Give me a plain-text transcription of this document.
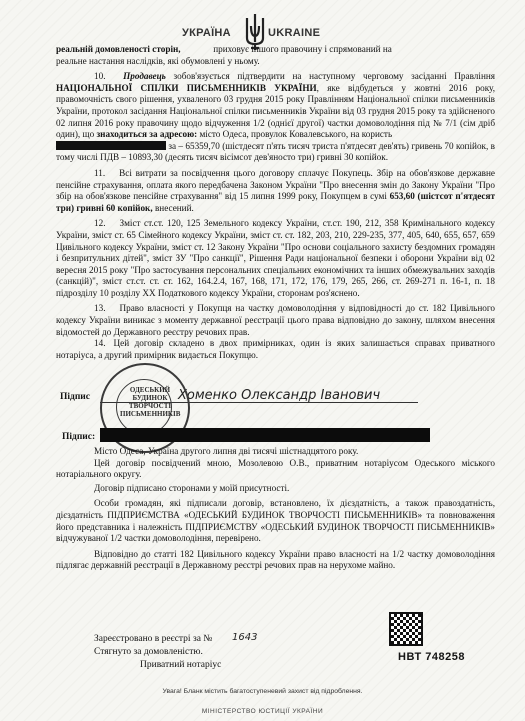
УКРАЇНА	UKRAINE

реальній домовленості сторін,	приховує іншого правочину і спрямований на

реальне настання наслідків, які обумовлені у ньому.

10. Продавець зобов'язується підтвердити на наступному черговому засіданні Правління НАЦІОНАЛЬНОЇ СПІЛКИ ПИСЬМЕННИКІВ УКРАЇНИ, яке відбудеться у жовтні 2016 року, правомочність свого рішення, ухваленого 03 грудня 2015 року Правлінням Національної спілки письменників України, протокол засідання Національної спілки письменників України від 03 грудня 2015 року та здійсненого 02 липня 2016 року правочину щодо відчуження 1/2 (однієї другої) частки домоволодіння під № 7/1 (сім дріб один), що знаходиться за адресою: місто Одеса, провулок Ковалевського, на користь
за – 65359,70 (шістдесят п'ять тисяч триста п'ятдесят дев'ять) гривень 70 копійок, в тому числі ПДВ – 10893,30 (десять тисяч вісімсот дев'яносто три) гривні 30 копійок.

11. Всі витрати за посвідчення цього договору сплачує Покупець. Збір на обов'язкове державне пенсійне страхування, оплата якого передбачена Законом України "Про внесення змін до Закону України "Про збір на обов'язкове пенсійне страхування" від 15 липня 1999 року, Покупцем в сумі 653,60 (шістсот п'ятдесят три) гривні 60 копійок, внесений.

12. Зміст ст.ст. 120, 125 Земельного кодексу України, ст.ст. 190, 212, 358 Кримінального кодексу України, зміст ст. 65 Сімейного кодексу України, зміст ст. ст. 182, 203, 210, 229-235, 377, 405, 640, 655, 657, 659 Цивільного кодексу України, зміст ст. 12 Закону України "Про основи соціального захисту бездомних громадян і безпритульних дітей", зміст ЗУ "Про санкції", Рішення Ради національної безпеки і оборони України від 02 вересня 2015 року "Про застосування персональних спеціальних економічних та інших обмежувальних заходів (санкцій)", зміст ст.ст. ст. ст. 162, 164.2.4, 167, 168, 171, 172, 176, 179, 265, 266, ст. 269-271 п. 16-1, п. 18 підрозділу 10 розділу ХХ Податкового кодексу України, сторонам роз'яснено.

13. Право власності у Покупця на частку домоволодіння у відповідності до ст. 182 Цивільного кодексу України виникає з моменту державної реєстрації цього права відповідно до закону, шляхом внесення відомостей до Державного реєстру речових прав.

14. Цей договір складено в двох примірниках, один із яких залишається справах приватного нотаріуса, а другий примірник видається Покупцю.

Підпис	Хоменко Олександр Іванович
ОДЕСЬКИЙ
БУДИНОК
ТВОРЧОСТІ
ПИСЬМЕННИКІВ
Підпис:

Місто Одеса, Україна другого липня дві тисячі шістнадцятого року.

Цей договір посвідчений мною, Мозолевою О.В., приватним нотаріусом Одеського міського нотаріального округу.

Договір підписано сторонами у моїй присутності.

Особи громадян, які підписали договір, встановлено, їх дієздатність, а також правоздатність, дієздатність ПІДПРИЄМСТВА «ОДЕСЬКИЙ БУДИНОК ТВОРЧОСТІ ПИСЬМЕННИКІВ» та повноваження його представника і належність ПІДПРИЄМСТВУ «ОДЕСЬКИЙ БУДИНОК ТВОРЧОСТІ ПИСЬМЕННИКІВ» відчужуваної 1/2 частки домоволодіння, перевірено.

Відповідно до статті 182 Цивільного кодексу України право власності на 1/2 частку домоволодіння підлягає державній реєстрації в Державному реєстрі речових прав на нерухоме майно.

Зареєстровано в реєстрі за № 1643
Стягнуто за домовленістю.
Приватний нотаріус
НВТ 748258
Увага! Бланк містить багатоступеневий захист від підроблення.
МІНІСТЕРСТВО ЮСТИЦІЇ УКРАЇНИ
